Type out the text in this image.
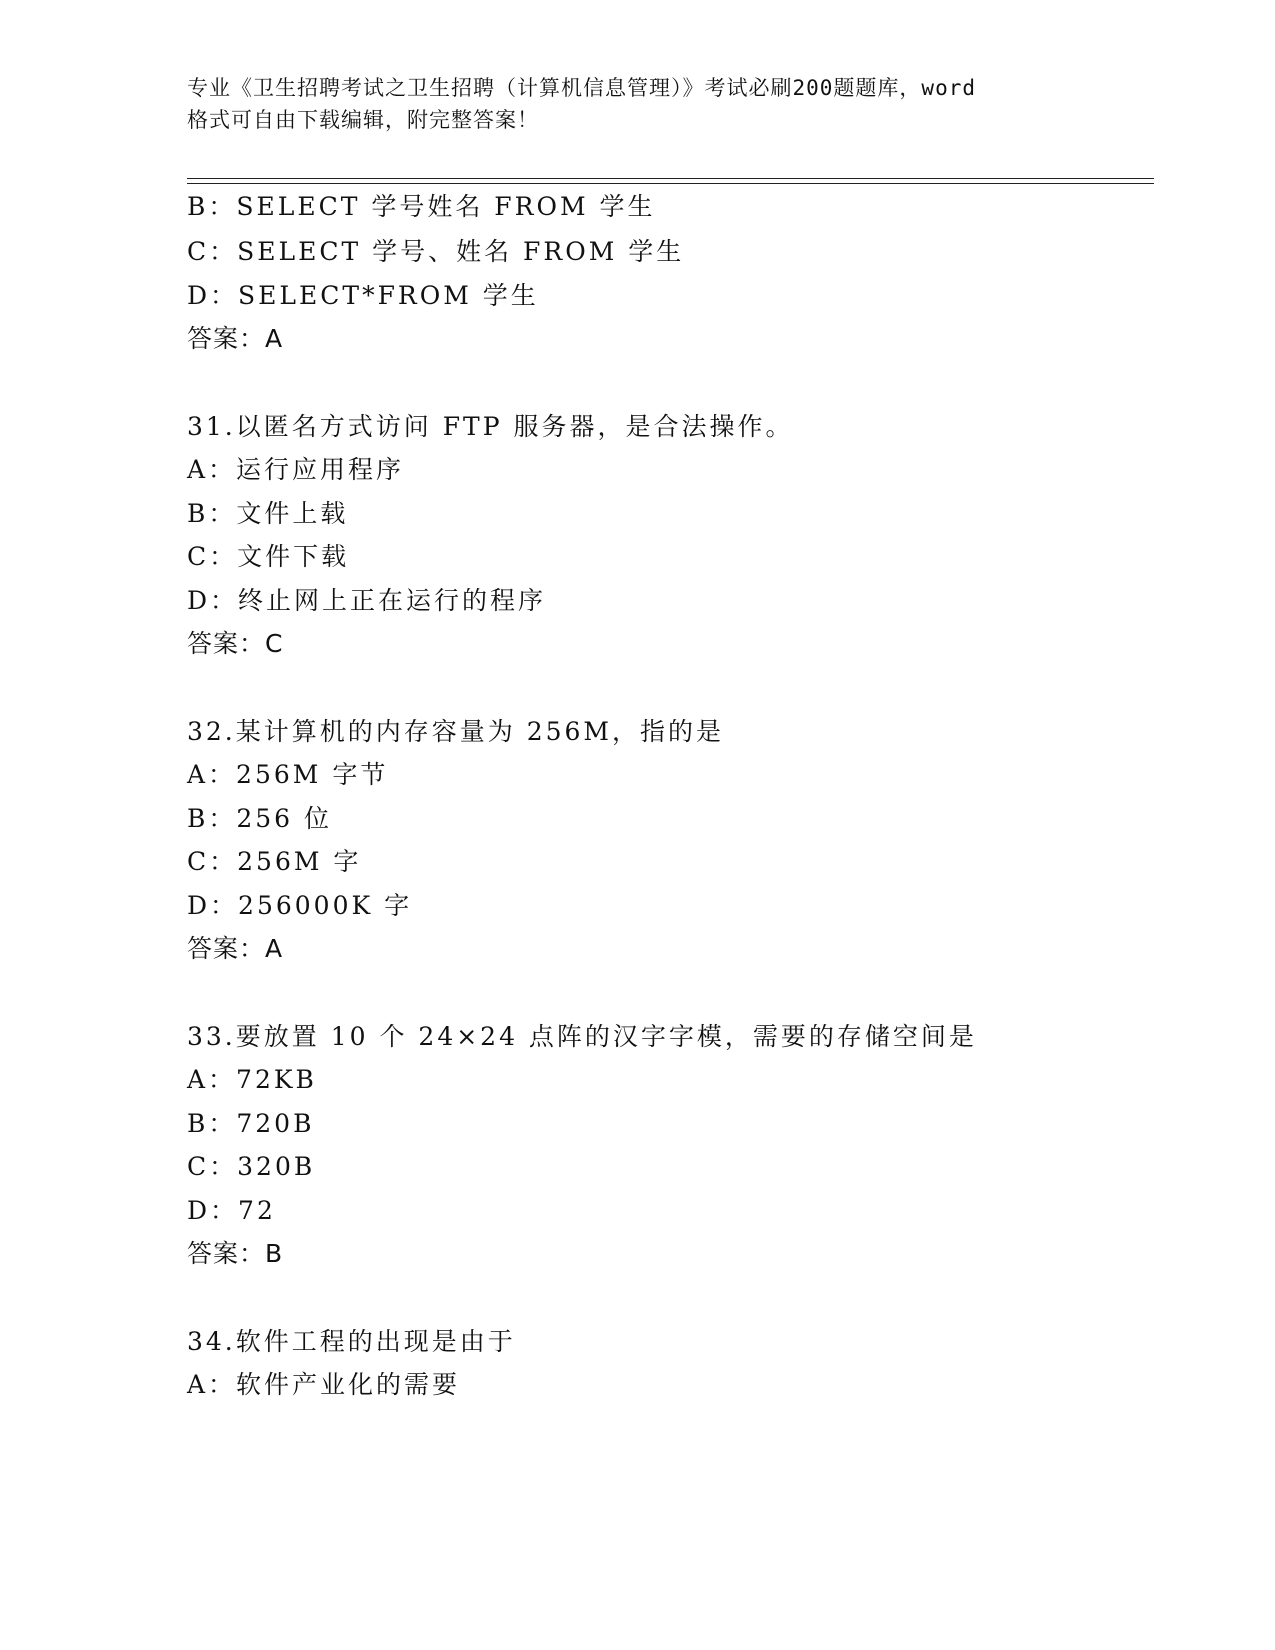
专业《卫生招聘考试之卫生招聘（计算机信息管理）》考试必刷200题题库，word
格式可自由下载编辑，附完整答案！
B：SELECT 学号姓名 FROM 学生
C：SELECT 学号、姓名 FROM 学生
D：SELECT*FROM 学生
答案：A
31.以匿名方式访问 FTP 服务器，是合法操作。
A：运行应用程序
B：文件上载
C：文件下载
D：终止网上正在运行的程序
答案：C
32.某计算机的内存容量为 256M，指的是
A：256M 字节
B：256 位
C：256M 字
D：256000K 字
答案：A
33.要放置 10 个 24×24 点阵的汉字字模，需要的存储空间是
A：72KB
B：720B
C：320B
D：72
答案：B
34.软件工程的出现是由于
A：软件产业化的需要
